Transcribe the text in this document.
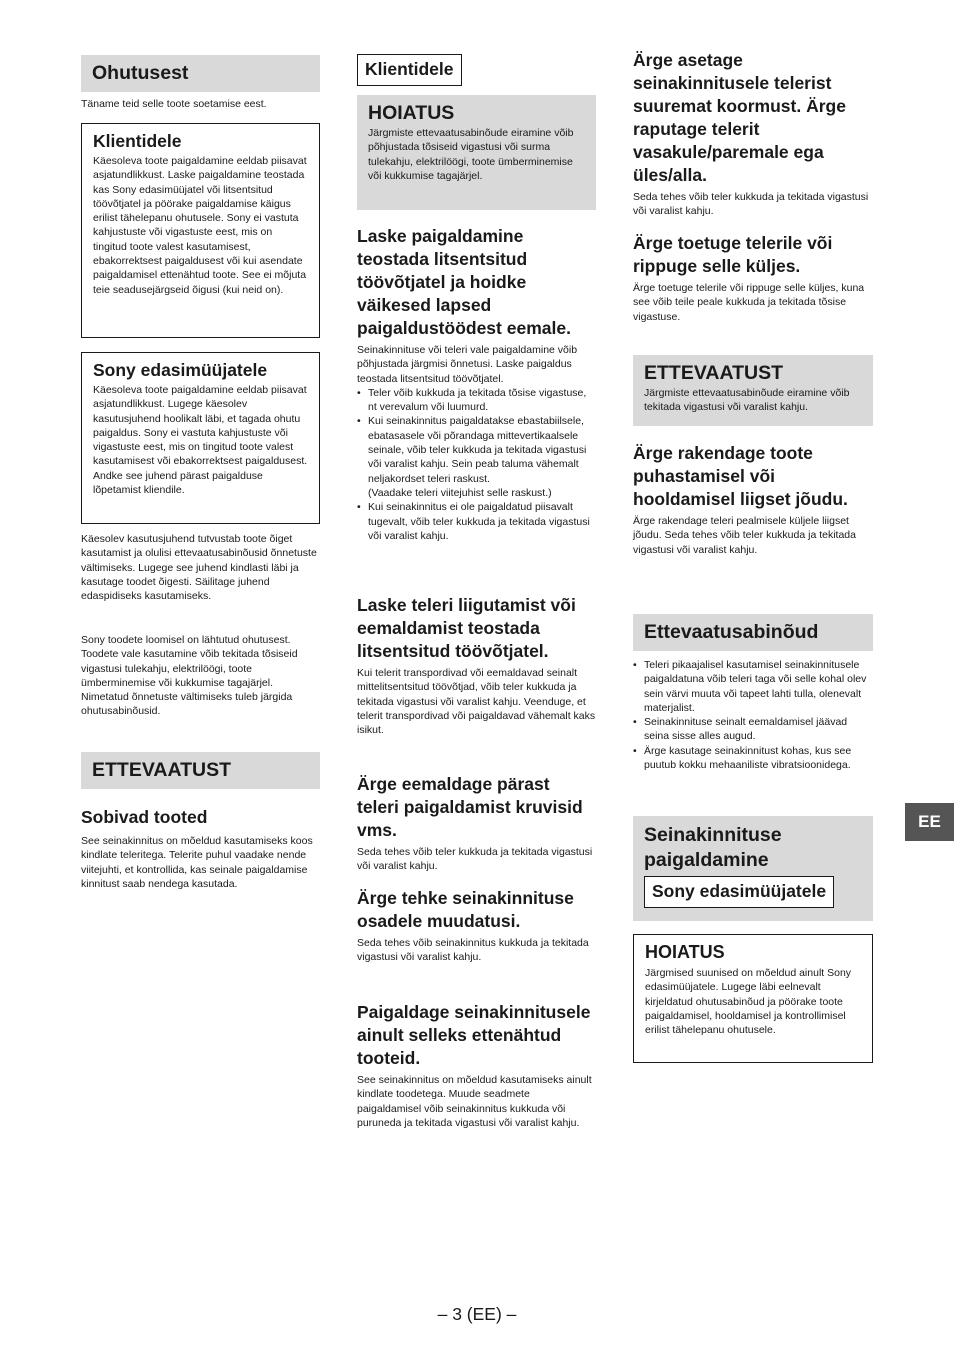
Ohutusest

Täname teid selle toote soetamise eest.

Klientidele

Käesoleva toote paigaldamine eeldab piisavat asjatundlikkust. Laske paigaldamine teostada kas Sony edasimüüjatel või litsentsitud töövõtjatel ja pöörake paigaldamise käigus erilist tähelepanu ohutusele. Sony ei vastuta kahjustuste või vigastuste eest, mis on tingitud toote valest kasutamisest, ebakorrektsest paigaldusest või kui asendate paigaldamisel ettenähtud toote. See ei mõjuta teie seadusejärgseid õigusi (kui neid on).

Sony edasimüüjatele

Käesoleva toote paigaldamine eeldab piisavat asjatundlikkust. Lugege käesolev kasutusjuhend hoolikalt läbi, et tagada ohutu paigaldus. Sony ei vastuta kahjustuste või vigastuste eest, mis on tingitud toote valest kasutamisest või ebakorrektsest paigaldusest. Andke see juhend pärast paigalduse lõpetamist kliendile.

Käesolev kasutusjuhend tutvustab toote õiget kasutamist ja olulisi ettevaatusabinõusid õnnetuste vältimiseks. Lugege see juhend kindlasti läbi ja kasutage toodet õigesti. Säilitage juhend edaspidiseks kasutamiseks.

Sony toodete loomisel on lähtutud ohutusest. Toodete vale kasutamine võib tekitada tõsiseid vigastusi tulekahju, elektrilöögi, toote ümberminemise või kukkumise tagajärjel. Nimetatud õnnetuste vältimiseks tuleb järgida ohutusabinõusid.

ETTEVAATUST
Sobivad tooted

See seinakinnitus on mõeldud kasutamiseks koos kindlate teleritega. Telerite puhul vaadake nende viitejuhti, et kontrollida, kas seinale paigaldamise kinnitust saab nendega kasutada.

Klientidele
HOIATUS

Järgmiste ettevaatusabinõude eiramine võib põhjustada tõsiseid vigastusi või surma tulekahju, elektrilöögi, toote ümberminemise või kukkumise tagajärjel.

Laske paigaldamine teostada litsentsitud töövõtjatel ja hoidke väikesed lapsed paigaldustöödest eemale.

Seinakinnituse või teleri vale paigaldamine võib põhjustada järgmisi õnnetusi. Laske paigaldus teostada litsentsitud töövõtjatel.

• Teler võib kukkuda ja tekitada tõsise vigastuse, nt verevalum või luumurd.
• Kui seinakinnitus paigaldatakse ebastabiilsele, ebatasasele või põrandaga mittevertikaalsele seinale, võib teler kukkuda ja tekitada vigastusi või varalist kahju. Sein peab taluma vähemalt neljakordset teleri raskust.
(Vaadake teleri viitejuhist selle raskust.)
• Kui seinakinnitus ei ole paigaldatud piisavalt tugevalt, võib teler kukkuda ja tekitada vigastusi või varalist kahju.
Laske teleri liigutamist või eemaldamist teostada litsentsitud töövõtjatel.

Kui telerit transpordivad või eemaldavad seinalt mittelitsentsitud töövõtjad, võib teler kukkuda ja tekitada vigastusi või varalist kahju. Veenduge, et telerit transpordivad või paigaldavad vähemalt kaks isikut.

Ärge eemaldage pärast teleri paigaldamist kruvisid vms.

Seda tehes võib teler kukkuda ja tekitada vigastusi või varalist kahju.

Ärge tehke seinakinnituse osadele muudatusi.

Seda tehes võib seinakinnitus kukkuda ja tekitada vigastusi või varalist kahju.

Paigaldage seinakinnitusele ainult selleks ettenähtud tooteid.

See seinakinnitus on mõeldud kasutamiseks ainult kindlate toodetega. Muude seadmete paigaldamisel võib seinakinnitus kukkuda või puruneda ja tekitada vigastusi või varalist kahju.

Ärge asetage seinakinnitusele telerist suuremat koormust. Ärge raputage telerit vasakule/paremale ega üles/alla.

Seda tehes võib teler kukkuda ja tekitada vigastusi või varalist kahju.

Ärge toetuge telerile või rippuge selle küljes.

Ärge toetuge telerile või rippuge selle küljes, kuna see võib teile peale kukkuda ja tekitada tõsise vigastuse.

ETTEVAATUST

Järgmiste ettevaatusabinõude eiramine võib tekitada vigastusi või varalist kahju.

Ärge rakendage toote puhastamisel või hooldamisel liigset jõudu.

Ärge rakendage teleri pealmisele küljele liigset jõudu. Seda tehes võib teler kukkuda ja tekitada vigastusi või varalist kahju.

Ettevaatusabinõud
• Teleri pikaajalisel kasutamisel seinakinnitusele paigaldatuna võib teleri taga või selle kohal olev sein värvi muuta või tapeet lahti tulla, olenevalt materjalist.
• Seinakinnituse seinalt eemaldamisel jäävad seina sisse alles augud.
• Ärge kasutage seinakinnitust kohas, kus see puutub kokku mehaaniliste vibratsioonidega.
Seinakinnituse paigaldamine
Sony edasimüüjatele
HOIATUS

Järgmised suunised on mõeldud ainult Sony edasimüüjatele. Lugege läbi eelnevalt kirjeldatud ohutusabinõud ja pöörake toote paigaldamisel, hooldamisel ja kontrollimisel erilist tähelepanu ohutusele.

EE
– 3 (EE) –
